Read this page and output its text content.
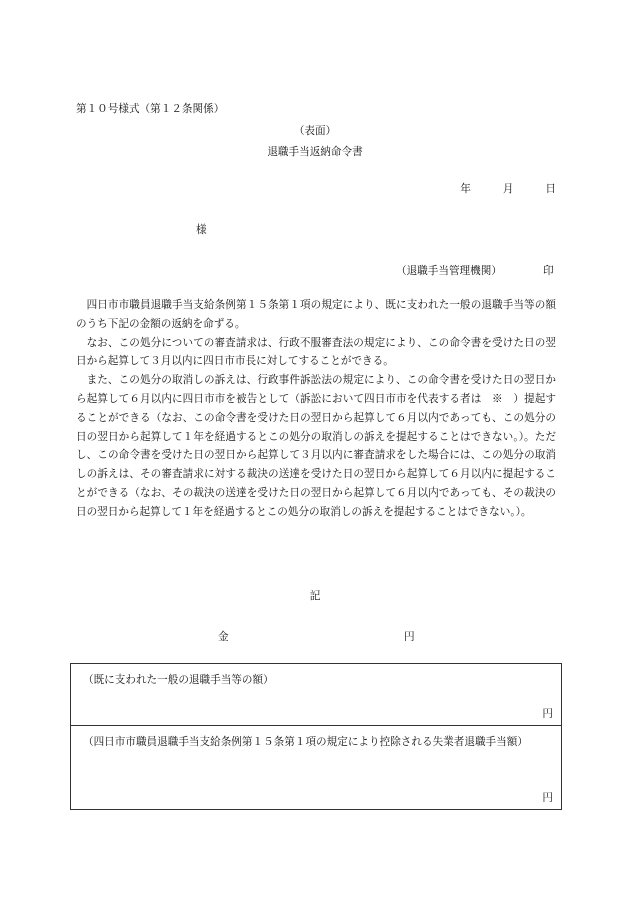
第１０号様式（第１２条関係）
（表面）
退職手当返納命令書
年	月	日
様
（退職手当管理機関）	印

四日市市職員退職手当支給条例第１５条第１項の規定により、既に支われた一般の退職手当等の額のうち下記の金額の返納を命ずる。

なお、この処分についての審査請求は、行政不服審査法の規定により、この命令書を受けた日の翌日から起算して３月以内に四日市市長に対してすることができる。

また、この処分の取消しの訴えは、行政事件訴訟法の規定により、この命令書を受けた日の翌日から起算して６月以内に四日市市を被告として（訴訟において四日市市を代表する者は　※　）提起することができる（なお、この命令書を受けた日の翌日から起算して６月以内であっても、この処分の日の翌日から起算して１年を経過するとこの処分の取消しの訴えを提起することはできない。）。ただし、この命令書を受けた日の翌日から起算して３月以内に審査請求をした場合には、この処分の取消しの訴えは、その審査請求に対する裁決の送達を受けた日の翌日から起算して６月以内に提起することができる（なお、その裁決の送達を受けた日の翌日から起算して６月以内であっても、その裁決の日の翌日から起算して１年を経過するとこの処分の取消しの訴えを提起することはできない。）。

記
金	円
（既に支われた一般の退職手当等の額）
円
（四日市市職員退職手当支給条例第１５条第１項の規定により控除される失業者退職手当額）
円
